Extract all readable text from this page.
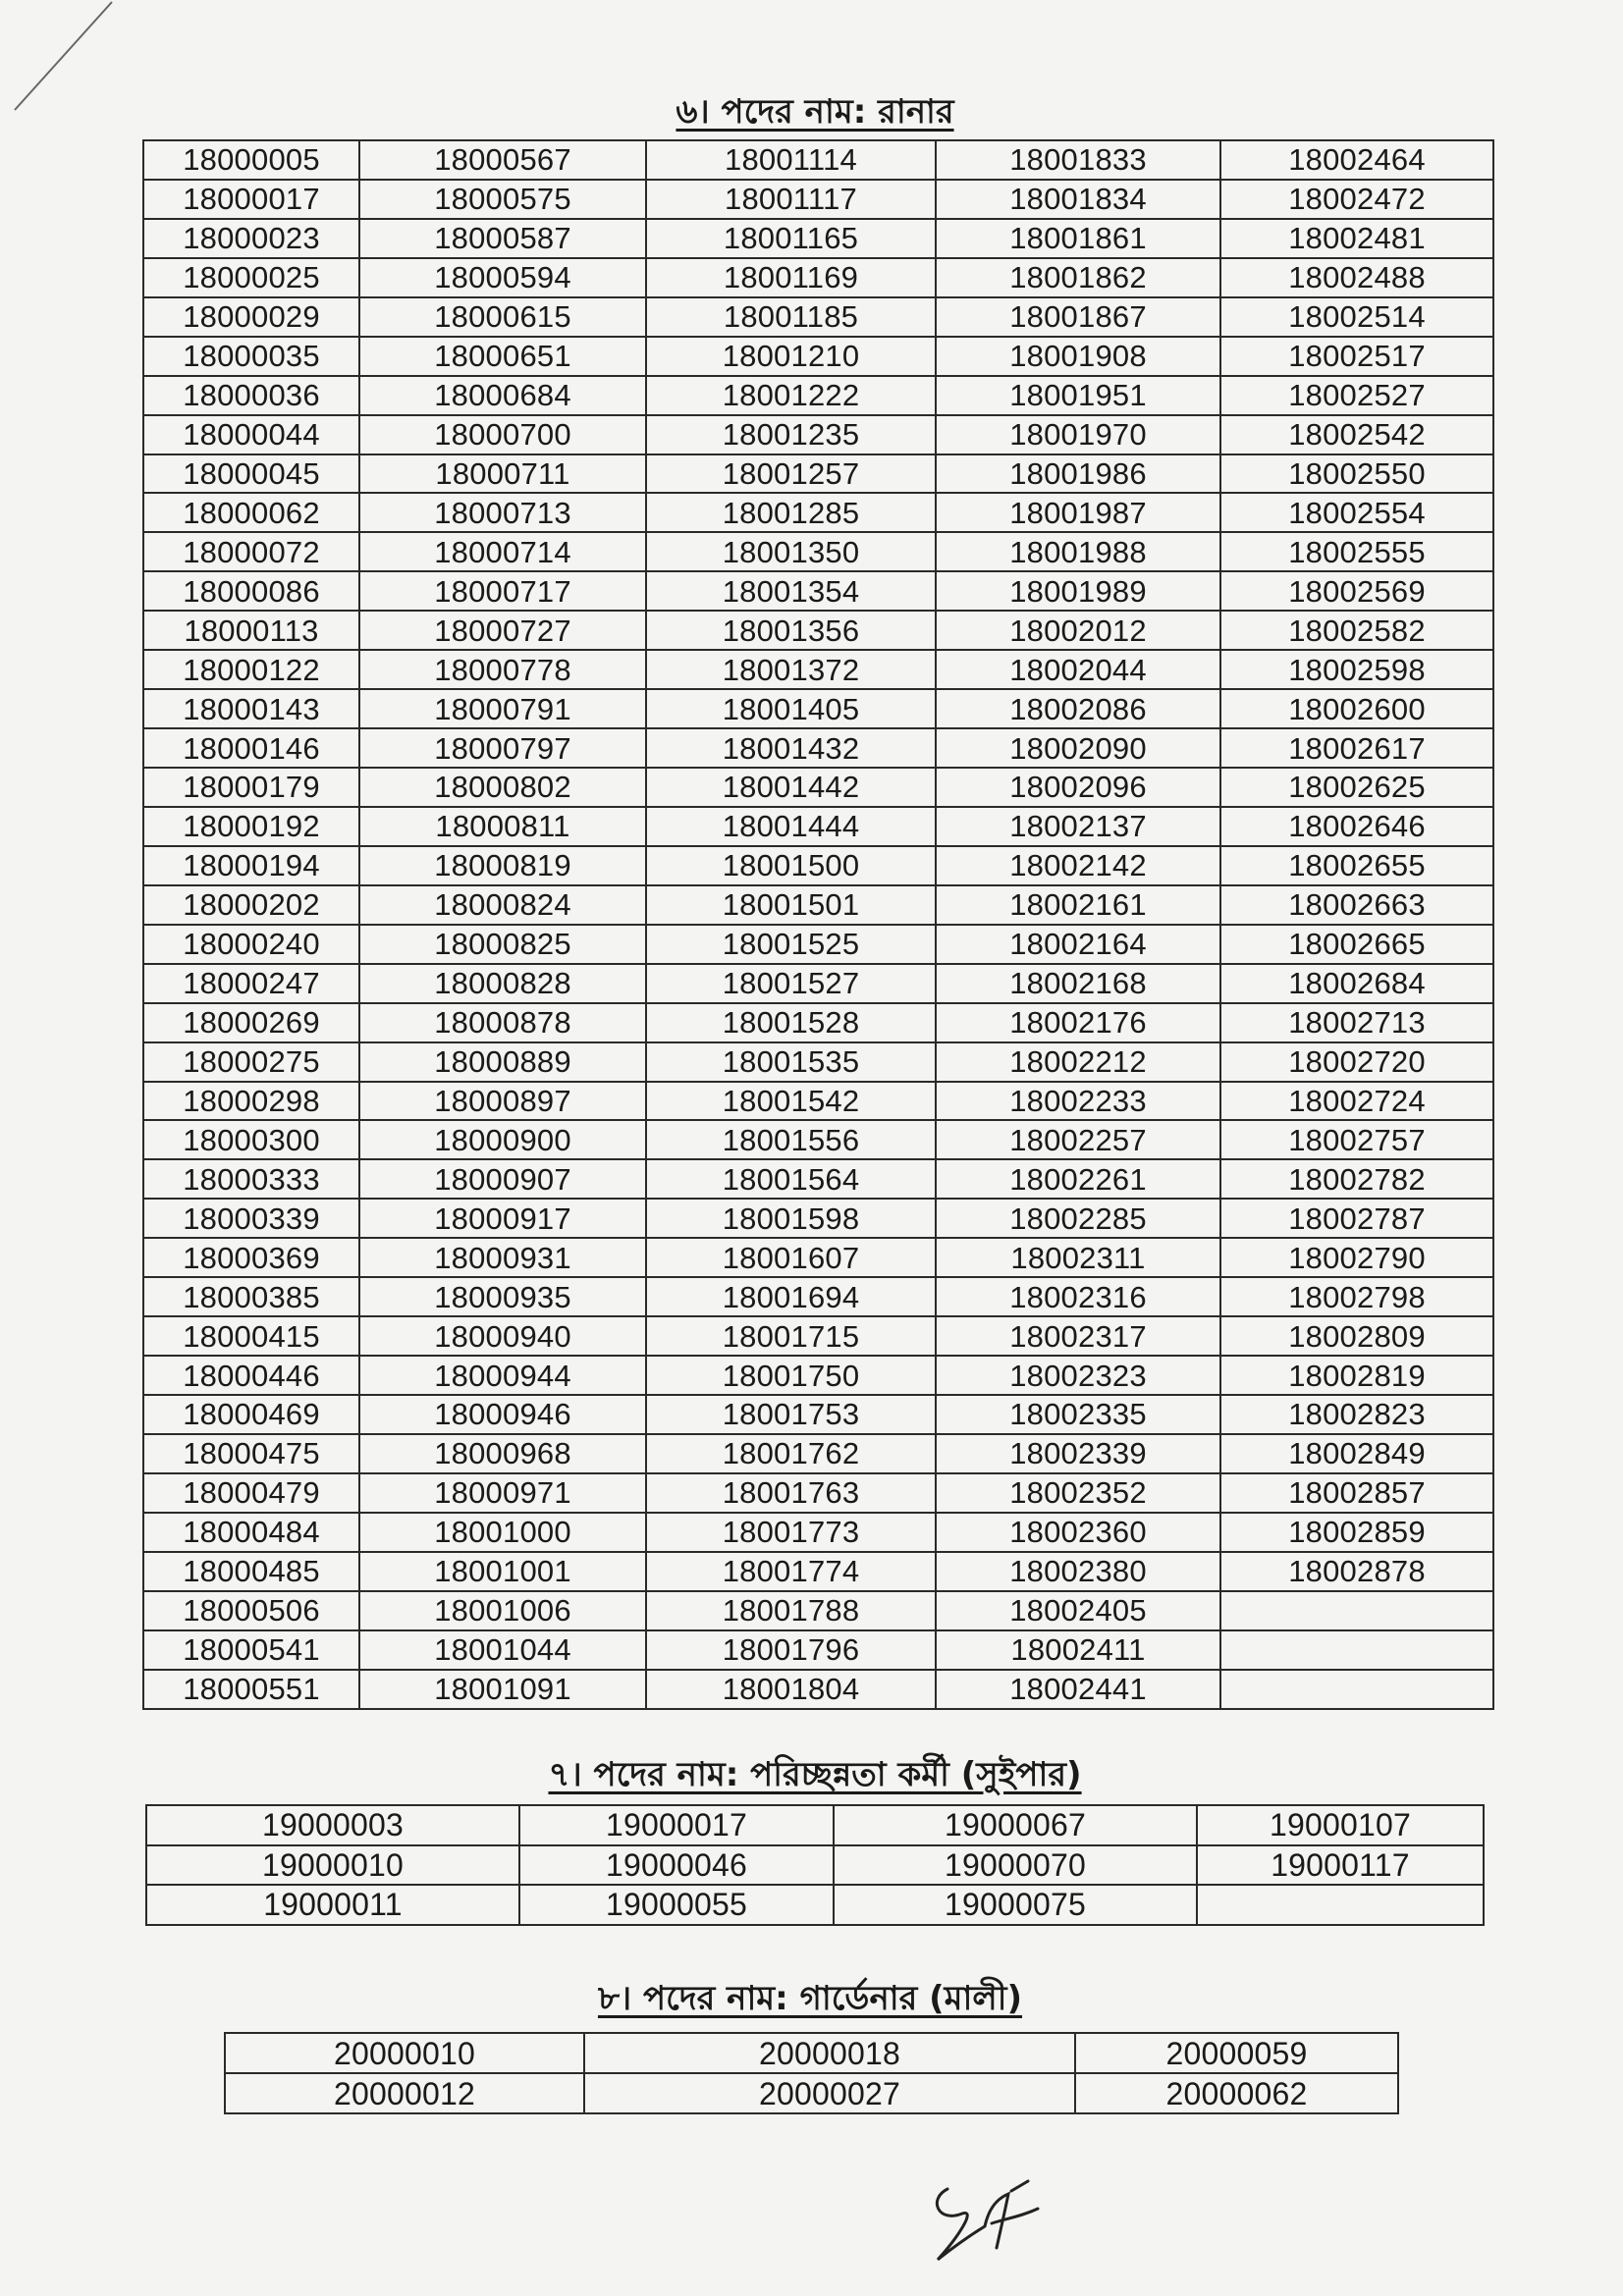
৬। পদের নাম: রানার

18000005	18000567	18001114	18001833	18002464
18000017	18000575	18001117	18001834	18002472
18000023	18000587	18001165	18001861	18002481
18000025	18000594	18001169	18001862	18002488
18000029	18000615	18001185	18001867	18002514
18000035	18000651	18001210	18001908	18002517
18000036	18000684	18001222	18001951	18002527
18000044	18000700	18001235	18001970	18002542
18000045	18000711	18001257	18001986	18002550
18000062	18000713	18001285	18001987	18002554
18000072	18000714	18001350	18001988	18002555
18000086	18000717	18001354	18001989	18002569
18000113	18000727	18001356	18002012	18002582
18000122	18000778	18001372	18002044	18002598
18000143	18000791	18001405	18002086	18002600
18000146	18000797	18001432	18002090	18002617
18000179	18000802	18001442	18002096	18002625
18000192	18000811	18001444	18002137	18002646
18000194	18000819	18001500	18002142	18002655
18000202	18000824	18001501	18002161	18002663
18000240	18000825	18001525	18002164	18002665
18000247	18000828	18001527	18002168	18002684
18000269	18000878	18001528	18002176	18002713
18000275	18000889	18001535	18002212	18002720
18000298	18000897	18001542	18002233	18002724
18000300	18000900	18001556	18002257	18002757
18000333	18000907	18001564	18002261	18002782
18000339	18000917	18001598	18002285	18002787
18000369	18000931	18001607	18002311	18002790
18000385	18000935	18001694	18002316	18002798
18000415	18000940	18001715	18002317	18002809
18000446	18000944	18001750	18002323	18002819
18000469	18000946	18001753	18002335	18002823
18000475	18000968	18001762	18002339	18002849
18000479	18000971	18001763	18002352	18002857
18000484	18001000	18001773	18002360	18002859
18000485	18001001	18001774	18002380	18002878
18000506	18001006	18001788	18002405	
18000541	18001044	18001796	18002411	
18000551	18001091	18001804	18002441	

৭। পদের নাম: পরিচ্ছন্নতা কর্মী (সুইপার)

19000003	19000017	19000067	19000107
19000010	19000046	19000070	19000117
19000011	19000055	19000075	

৮। পদের নাম: গার্ডেনার (মালী)

20000010	20000018	20000059
20000012	20000027	20000062
